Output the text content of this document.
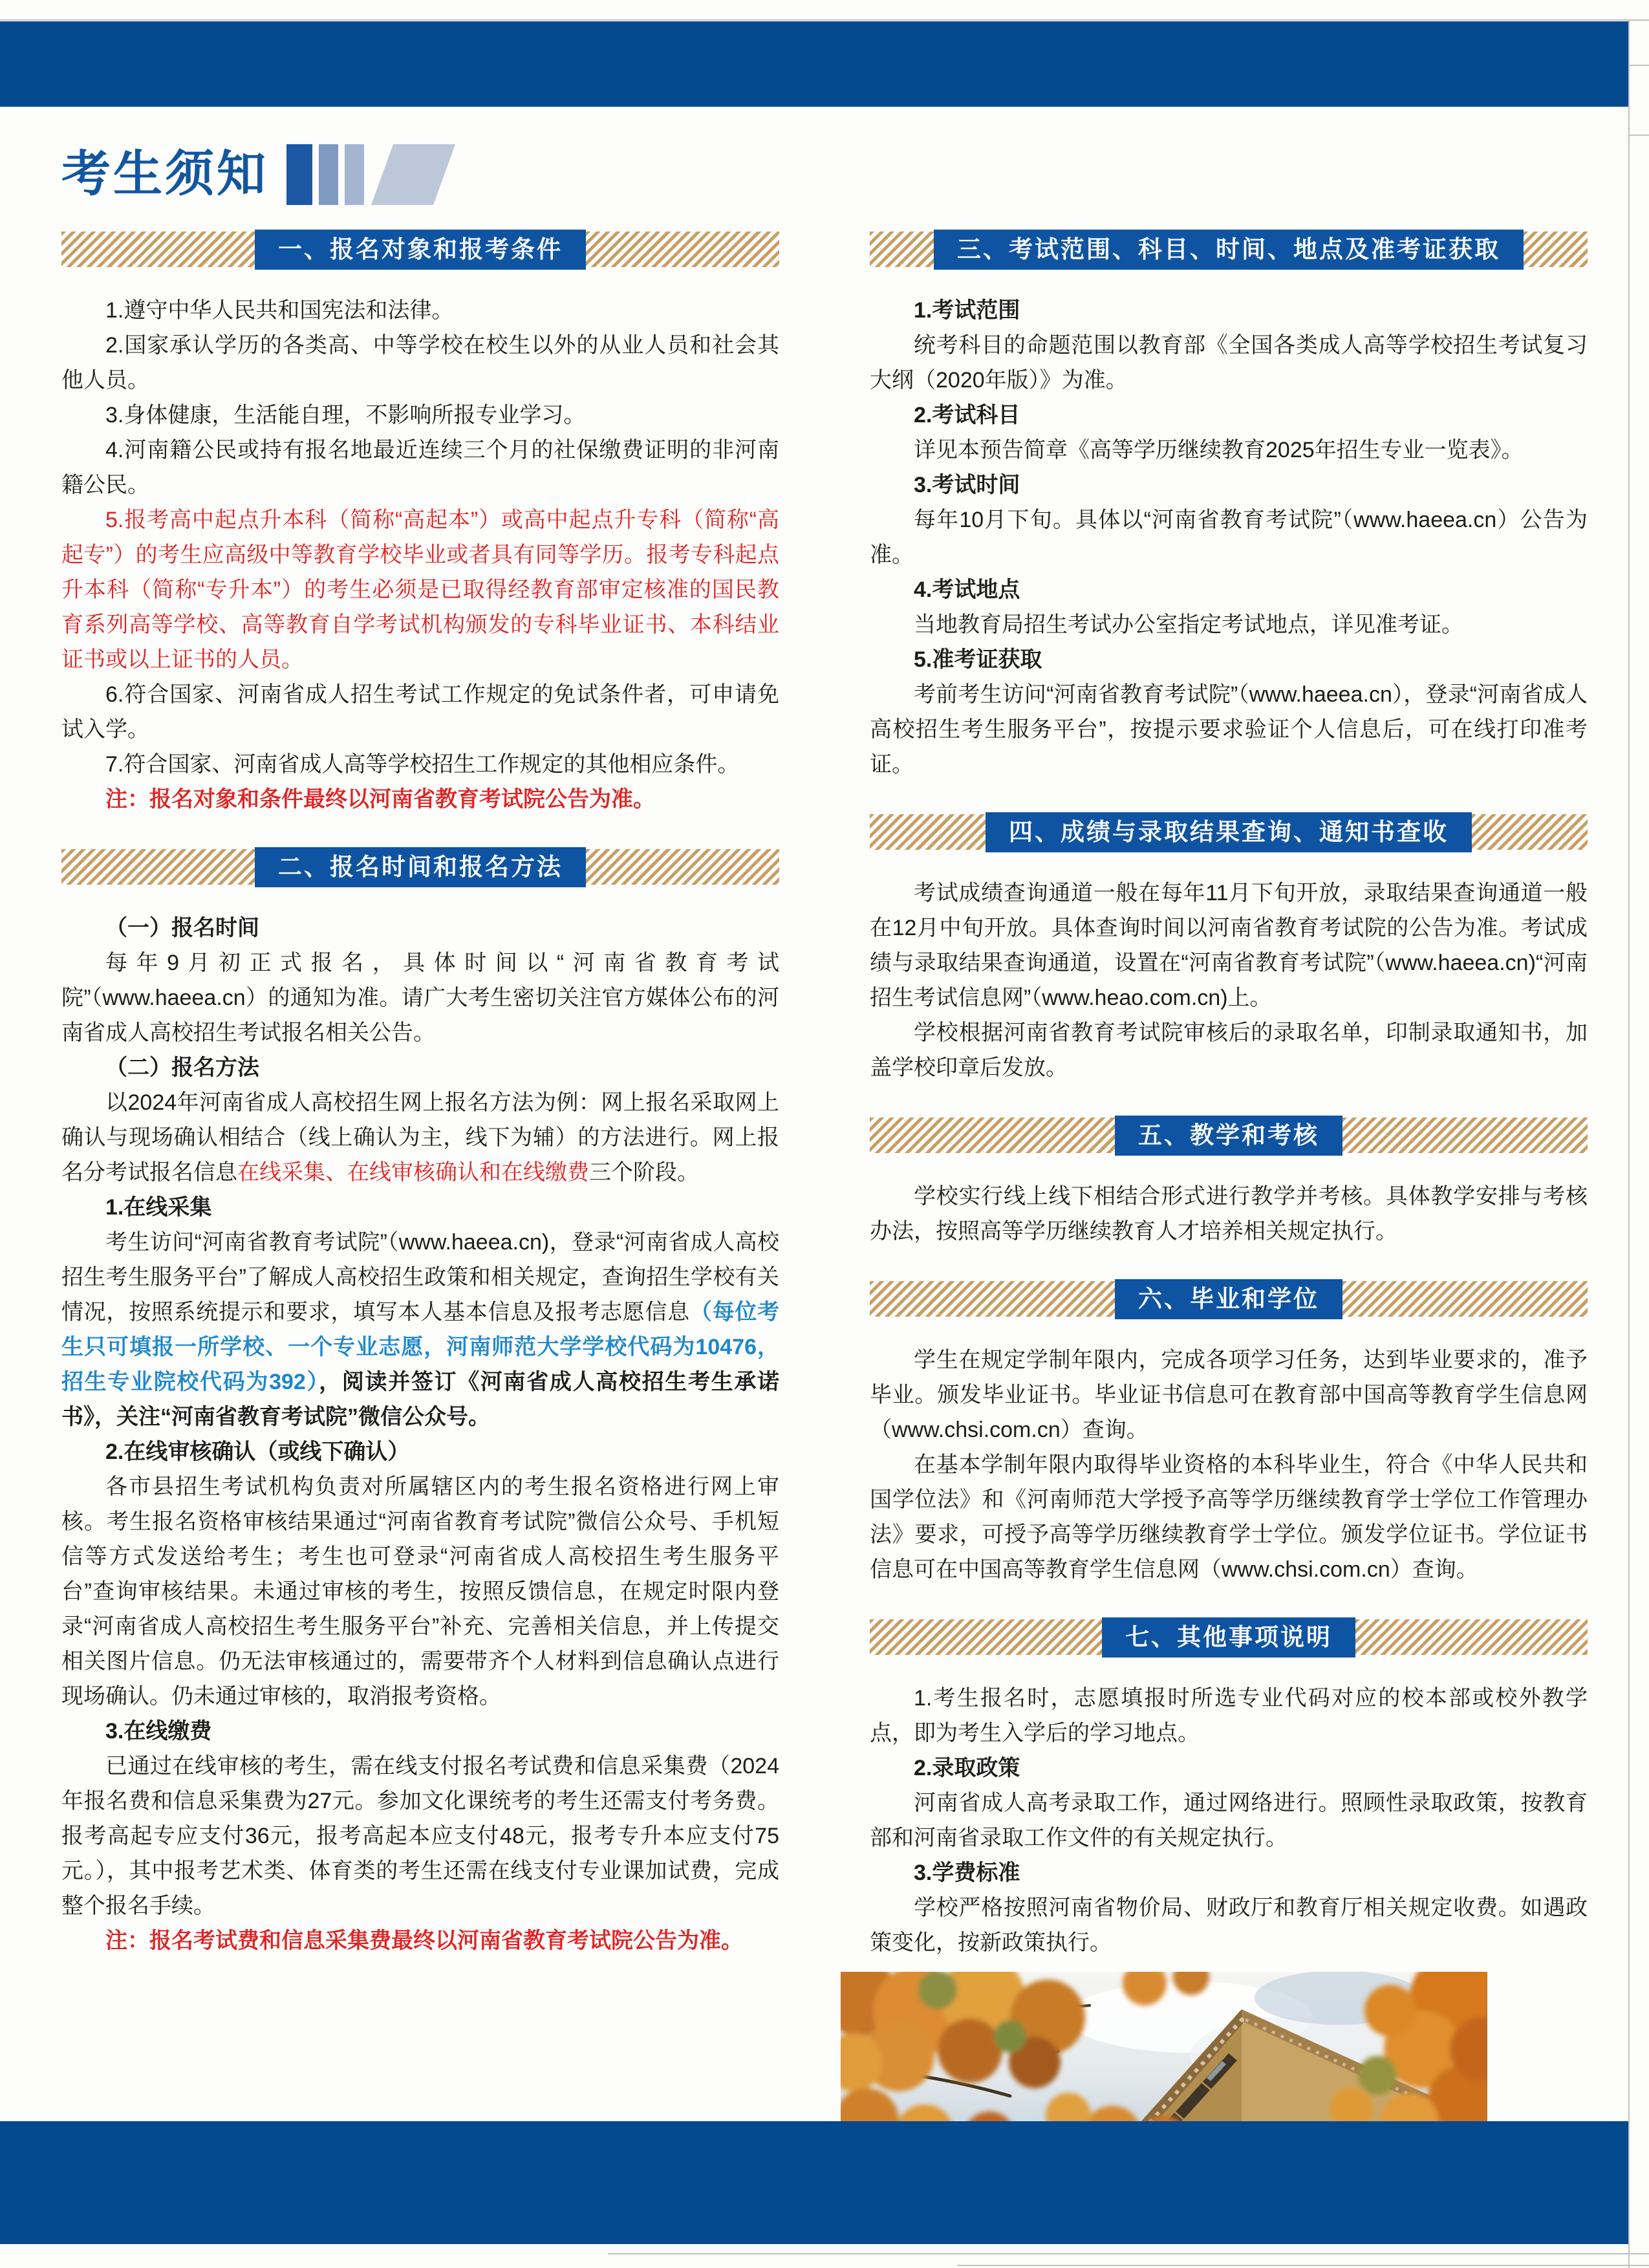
考生须知
一、报名对象和报考条件

1.遵守中华人民共和国宪法和法律。

2.国家承认学历的各类高、中等学校在校生以外的从业人员和社会其他人员。

3.身体健康，生活能自理，不影响所报专业学习。

4.河南籍公民或持有报名地最近连续三个月的社保缴费证明的非河南籍公民。

5.报考高中起点升本科（简称“高起本”）或高中起点升专科（简称“高起专”）的考生应高级中等教育学校毕业或者具有同等学历。报考专科起点升本科（简称“专升本”）的考生必须是已取得经教育部审定核准的国民教育系列高等学校、高等教育自学考试机构颁发的专科毕业证书、本科结业证书或以上证书的人员。

6.符合国家、河南省成人招生考试工作规定的免试条件者，可申请免试入学。

7.符合国家、河南省成人高等学校招生工作规定的其他相应条件。

注：报名对象和条件最终以河南省教育考试院公告为准。

二、报名时间和报名方法

（一）报名时间

每年9月初正式报名，具体时间以“河南省教育考试院”（www.haeea.cn）的通知为准。请广大考生密切关注官方媒体公布的河南省成人高校招生考试报名相关公告。

（二）报名方法

以2024年河南省成人高校招生网上报名方法为例：网上报名采取网上确认与现场确认相结合（线上确认为主，线下为辅）的方法进行。网上报名分考试报名信息在线采集、在线审核确认和在线缴费三个阶段。

1.在线采集

考生访问“河南省教育考试院”（www.haeea.cn)，登录“河南省成人高校招生考生服务平台”了解成人高校招生政策和相关规定，查询招生学校有关情况，按照系统提示和要求，填写本人基本信息及报考志愿信息（每位考生只可填报一所学校、一个专业志愿，河南师范大学学校代码为10476，招生专业院校代码为392），阅读并签订《河南省成人高校招生考生承诺书》，关注“河南省教育考试院”微信公众号。

2.在线审核确认（或线下确认）

各市县招生考试机构负责对所属辖区内的考生报名资格进行网上审核。考生报名资格审核结果通过“河南省教育考试院”微信公众号、手机短信等方式发送给考生；考生也可登录“河南省成人高校招生考生服务平台”查询审核结果。未通过审核的考生，按照反馈信息，在规定时限内登录“河南省成人高校招生考生服务平台”补充、完善相关信息，并上传提交相关图片信息。仍无法审核通过的，需要带齐个人材料到信息确认点进行现场确认。仍未通过审核的，取消报考资格。

3.在线缴费

已通过在线审核的考生，需在线支付报名考试费和信息采集费（2024年报名费和信息采集费为27元。参加文化课统考的考生还需支付考务费。报考高起专应支付36元，报考高起本应支付48元，报考专升本应支付75元。），其中报考艺术类、体育类的考生还需在线支付专业课加试费，完成整个报名手续。

注：报名考试费和信息采集费最终以河南省教育考试院公告为准。

三、考试范围、科目、时间、地点及准考证获取

1.考试范围

统考科目的命题范围以教育部《全国各类成人高等学校招生考试复习大纲（2020年版）》为准。

2.考试科目

详见本预告简章《高等学历继续教育2025年招生专业一览表》。

3.考试时间

每年10月下旬。具体以“河南省教育考试院”（www.haeea.cn）公告为准。

4.考试地点

当地教育局招生考试办公室指定考试地点，详见准考证。

5.准考证获取

考前考生访问“河南省教育考试院”（www.haeea.cn），登录“河南省成人高校招生考生服务平台”，按提示要求验证个人信息后，可在线打印准考证。

四、成绩与录取结果查询、通知书查收

考试成绩查询通道一般在每年11月下旬开放，录取结果查询通道一般在12月中旬开放。具体查询时间以河南省教育考试院的公告为准。考试成绩与录取结果查询通道，设置在“河南省教育考试院”（www.haeea.cn)“河南招生考试信息网”（www.heao.com.cn)上。

学校根据河南省教育考试院审核后的录取名单，印制录取通知书，加盖学校印章后发放。

五、教学和考核

学校实行线上线下相结合形式进行教学并考核。具体教学安排与考核办法，按照高等学历继续教育人才培养相关规定执行。

六、毕业和学位

学生在规定学制年限内，完成各项学习任务，达到毕业要求的，准予毕业。颁发毕业证书。毕业证书信息可在教育部中国高等教育学生信息网（www.chsi.com.cn）查询。

在基本学制年限内取得毕业资格的本科毕业生，符合《中华人民共和国学位法》和《河南师范大学授予高等学历继续教育学士学位工作管理办法》要求，可授予高等学历继续教育学士学位。颁发学位证书。学位证书信息可在中国高等教育学生信息网（www.chsi.com.cn）查询。

七、其他事项说明

1.考生报名时，志愿填报时所选专业代码对应的校本部或校外教学点，即为考生入学后的学习地点。

2.录取政策

河南省成人高考录取工作，通过网络进行。照顾性录取政策，按教育部和河南省录取工作文件的有关规定执行。

3.学费标准

学校严格按照河南省物价局、财政厅和教育厅相关规定收费。如遇政策变化，按新政策执行。
